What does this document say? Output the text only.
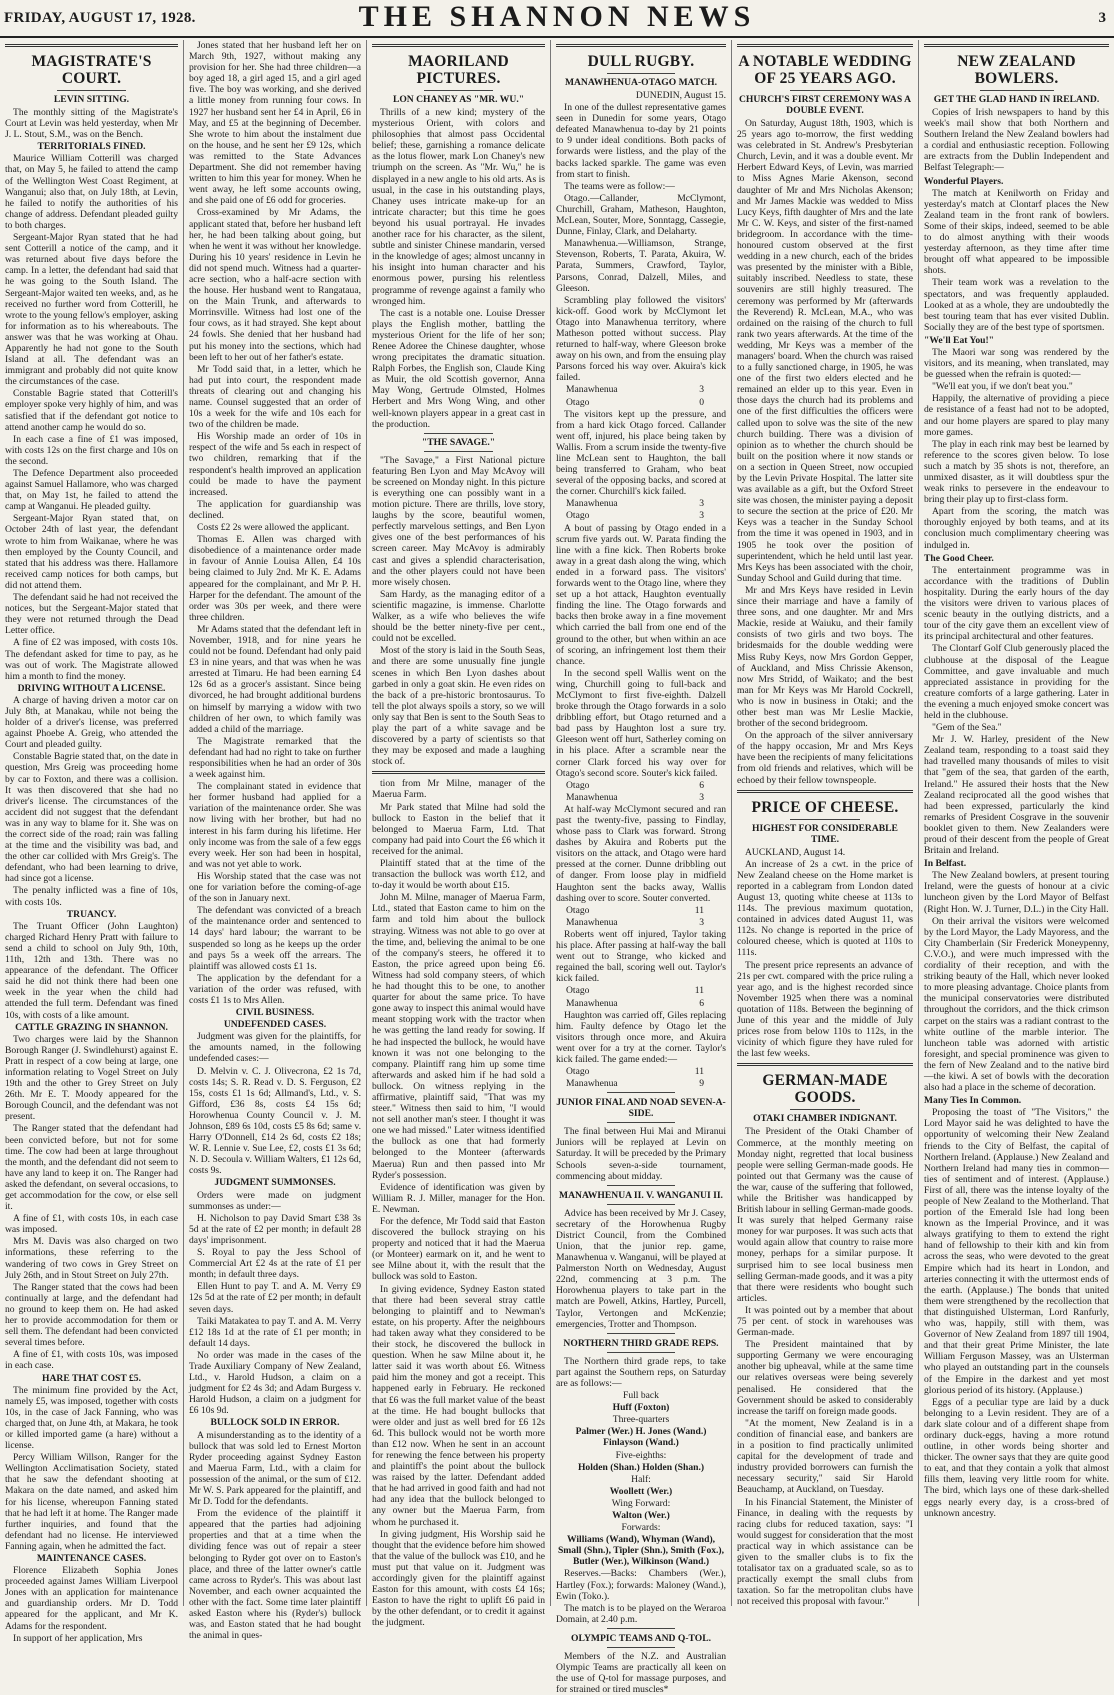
FRIDAY, AUGUST 17, 1928.	THE SHANNON NEWS	3
MAGISTRATE'S COURT.
LEVIN SITTING.

The monthly sitting of the Magistrate's Court at Levin was held yesterday, when Mr J. L. Stout, S.M., was on the Bench.

TERRITORIALS FINED.

Maurice William Cotterill was charged that, on May 5, he failed to attend the camp of the Wellington West Coast Regiment, at Wanganui; also that, on July 18th, at Levin, he failed to notify the authorities of his change of address. Defendant pleaded guilty to both charges.

Sergeant-Major Ryan stated that he had sent Cotterill a notice of the camp, and it was returned about five days before the camp. In a letter, the defendant had said that he was going to the South Island. The Sergeant-Major waited ten weeks, and, as he received no further word from Cotterill, he wrote to the young fellow's employer, asking for information as to his whereabouts. The answer was that he was working at Ohau. Apparently he had not gone to the South Island at all. The defendant was an immigrant and probably did not quite know the circumstances of the case.

Constable Bagrie stated that Cotterill's employer spoke very highly of him, and was satisfied that if the defendant got notice to attend another camp he would do so.

In each case a fine of £1 was imposed, with costs 12s on the first charge and 10s on the second.

The Defence Department also proceeded against Samuel Hallamore, who was charged that, on May 1st, he failed to attend the camp at Wanganui. He pleaded guilty.

Sergeant-Major Ryan stated that, on October 24th of last year, the defendant wrote to him from Waikanae, where he was then employed by the County Council, and stated that his address was there. Hallamore received camp notices for both camps, but did not attend them.

The defendant said he had not received the notices, but the Sergeant-Major stated that they were not returned through the Dead Letter office.

A fine of £2 was imposed, with costs 10s. The defendant asked for time to pay, as he was out of work. The Magistrate allowed him a month to find the money.

DRIVING WITHOUT A LICENSE.

A charge of having driven a motor car on July 8th, at Manakau, while not being the holder of a driver's license, was preferred against Phoebe A. Greig, who attended the Court and pleaded guilty.

Constable Bagrie stated that, on the date in question, Mrs Greig was proceeding home by car to Foxton, and there was a collision. It was then discovered that she had no driver's license. The circumstances of the accident did not suggest that the defendant was in any way to blame for it. She was on the correct side of the road; rain was falling at the time and the visibility was bad, and the other car collided with Mrs Greig's. The defendant, who had been learning to drive, had since got a license.

The penalty inflicted was a fine of 10s, with costs 10s.

TRUANCY.

The Truant Officer (John Laughton) charged Richard Henry Pratt with failure to send a child to school on July 9th, 10th, 11th, 12th and 13th. There was no appearance of the defendant. The Officer said he did not think there had been one week in the year when the child had attended the full term. Defendant was fined 10s, with costs of a like amount.

CATTLE GRAZING IN SHANNON.

Two charges were laid by the Shannon Borough Ranger (J. Swindlehurst) against E. Pratt in respect of a cow being at large, one information relating to Vogel Street on July 19th and the other to Grey Street on July 26th. Mr E. T. Moody appeared for the Borough Council, and the defendant was not present.

The Ranger stated that the defendant had been convicted before, but not for some time. The cow had been at large throughout the month, and the defendant did not seem to have any land to keep it on. The Ranger had asked the defendant, on several occasions, to get accommodation for the cow, or else sell it.

A fine of £1, with costs 10s, in each case was imposed.

Mrs M. Davis was also charged on two informations, these referring to the wandering of two cows in Grey Street on July 26th, and in Stout Street on July 27th.

The Ranger stated that the cows had been continually at large, and the defendant had no ground to keep them on. He had asked her to provide accommodation for them or sell them. The defendant had been convicted several times before.

A fine of £1, with costs 10s, was imposed in each case.

HARE THAT COST £5.

The minimum fine provided by the Act, namely £5, was imposed, together with costs 10s, in the case of Jack Fanning, who was charged that, on June 4th, at Makara, he took or killed imported game (a hare) without a license.

Percy William Willson, Ranger for the Wellington Acclimatisation Society, stated that he saw the defendant shooting at Makara on the date named, and asked him for his license, whereupon Fanning stated that he had left it at home. The Ranger made further inquiries, and found that the defendant had no license. He interviewed Fanning again, when he admitted the fact.

MAINTENANCE CASES.

Florence Elizabeth Sophia Jones proceeded against James William Liverpool Jones with an application for maintenance and guardianship orders. Mr D. Todd appeared for the applicant, and Mr K. Adams for the respondent.

In support of her application, Mrs

Jones stated that her husband left her on March 9th, 1927, without making any provision for her. She had three children—a boy aged 18, a girl aged 15, and a girl aged five. The boy was working, and she derived a little money from running four cows. In 1927 her husband sent her £4 in April, £6 in May, and £5 at the beginning of December. She wrote to him about the instalment due on the house, and he sent her £9 12s, which was remitted to the State Advances Department. She did not remember having written to him this year for money. When he went away, he left some accounts owing, and she paid one of £6 odd for groceries.

Cross-examined by Mr Adams, the applicant stated that, before her husband left her, he had been talking about going, but when he went it was without her knowledge. During his 10 years' residence in Levin he did not spend much. Witness had a quarter-acre section, who a half-acre section with the house. Her husband went to Rangataua, on the Main Trunk, and afterwards to Morrinsville. Witness had lost one of the four cows, as it had strayed. She kept about 24 fowls. She denied that her husband had put his money into the sections, which had been left to her out of her father's estate.

Mr Todd said that, in a letter, which he had put into court, the respondent made threats of clearing out and changing his name. Counsel suggested that an order of 10s a week for the wife and 10s each for two of the children be made.

His Worship made an order of 10s in respect of the wife and 5s each in respect of two children, remarking that if the respondent's health improved an application could be made to have the payment increased.

The application for guardianship was declined.

Costs £2 2s were allowed the applicant.

Thomas E. Allen was charged with disobedience of a maintenance order made in favour of Annie Louisa Allen, £4 10s being claimed to July 2nd. Mr K. E. Adams appeared for the complainant, and Mr P. H. Harper for the defendant. The amount of the order was 30s per week, and there were three children.

Mr Adams stated that the defendant left in November, 1918, and for nine years he could not be found. Defendant had only paid £3 in nine years, and that was when he was arrested at Timaru. He had been earning £4 12s 6d as a grocer's assistant. Since being divorced, he had brought additional burdens on himself by marrying a widow with two children of her own, to which family was added a child of the marriage.

The Magistrate remarked that the defendant had had no right to take on further responsibilities when he had an order of 30s a week against him.

The complainant stated in evidence that her former husband had applied for a variation of the maintenance order. She was now living with her brother, but had no interest in his farm during his lifetime. Her only income was from the sale of a few eggs every week. Her son had been in hospital, and was not yet able to work.

His Worship stated that the case was not one for variation before the coming-of-age of the son in January next.

The defendant was convicted of a breach of the maintenance order and sentenced to 14 days' hard labour; the warrant to be suspended so long as he keeps up the order and pays 5s a week off the arrears. The plaintiff was allowed costs £1 1s.

The application by the defendant for a variation of the order was refused, with costs £1 1s to Mrs Allen.

CIVIL BUSINESS.

UNDEFENDED CASES.

Judgment was given for the plaintiffs, for the amounts named, in the following undefended cases:—

D. Melvin v. C. J. Olivecrona, £2 1s 7d, costs 14s; S. R. Read v. D. S. Ferguson, £2 15s, costs £1 1s 6d; Allmand's, Ltd., v. S. Gifford, £36 8s, costs £4 15s 6d; Horowhenua County Council v. J. M. Johnson, £89 6s 10d, costs £5 8s 6d; same v. Harry O'Donnell, £14 2s 6d, costs £2 18s; W. R. Lennie v. Sue Lee, £2, costs £1 3s 6d; N. D. Secoula v. William Walters, £1 12s 6d, costs 9s.

JUDGMENT SUMMONSES.

Orders were made on judgment summonses as under:—

H. Nicholson to pay David Smart £38 3s 5d at the rate of £2 per month; in default 28 days' imprisonment.

S. Royal to pay the Jess School of Commercial Art £2 4s at the rate of £1 per month; in default three days.

Ellen Hunt to pay T. and A. M. Verry £9 12s 5d at the rate of £2 per month; in default seven days.

Taiki Matakatea to pay T. and A. M. Verry £12 18s 1d at the rate of £1 per month; in default 14 days.

No order was made in the cases of the Trade Auxiliary Company of New Zealand, Ltd., v. Harold Hudson, a claim on a judgment for £2 4s 3d; and Adam Burgess v. Harold Hudson, a claim on a judgment for £6 10s 9d.

BULLOCK SOLD IN ERROR.

A misunderstanding as to the identity of a bullock that was sold led to Ernest Morton Ryder proceeding against Sydney Easton and Maerua Farm, Ltd., with a claim for possession of the animal, or the sum of £12. Mr W. S. Park appeared for the plaintiff, and Mr D. Todd for the defendants.

From the evidence of the plaintiff it appeared that the parties had adjoining properties and that at a time when the dividing fence was out of repair a steer belonging to Ryder got over on to Easton's place, and three of the latter owner's cattle came across to Ryder's. This was about last November, and each owner acquainted the other with the fact. Some time later plaintiff asked Easton where his (Ryder's) bullock was, and Easton stated that he had bought the animal in ques-

MAORILAND PICTURES.
LON CHANEY AS "MR. WU."

Thrills of a new kind; mystery of the mysterious Orient, with colors and philosophies that almost pass Occidental belief; these, garnishing a romance delicate as the lotus flower, mark Lon Chaney's new triumph on the screen. As "Mr. Wu," he is displayed in a new angle to his old arts. As is usual, in the case in his outstanding plays, Chaney uses intricate make-up for an intricate character; but this time he goes beyond his usual portrayal. He invades another race for his character, as the silent, subtle and sinister Chinese mandarin, versed in the knowledge of ages; almost uncanny in his insight into human character and his enormous power, pursing his relentless programme of revenge against a family who wronged him.

The cast is a notable one. Louise Dresser plays the English mother, battling the mysterious Orient for the life of her son; Renee Adoree the Chinese daughter, whose wrong precipitates the dramatic situation. Ralph Forbes, the English son, Claude King as Muir, the old Scottish governor, Anna May Wong, Gertrude Olmsted, Holmes Herbert and Mrs Wong Wing, and other well-known players appear in a great cast in the production.

"THE SAVAGE."

"The Savage," a First National picture featuring Ben Lyon and May McAvoy will be screened on Monday night. In this picture is everything one can possibly want in a motion picture. There are thrills, love story, laughs by the score, beautiful women, perfectly marvelous settings, and Ben Lyon gives one of the best performances of his screen career. May McAvoy is admirably cast and gives a splendid characterisation, and the other players could not have been more wisely chosen.

Sam Hardy, as the managing editor of a scientific magazine, is immense. Charlotte Walker, as a wife who believes the wife should be the better ninety-five per cent., could not be excelled.

Most of the story is laid in the South Seas, and there are some unusually fine jungle scenes in which Ben Lyon dashes about garbed in only a goat skin. He even rides on the back of a pre-historic brontosaurus. To tell the plot always spoils a story, so we will only say that Ben is sent to the South Seas to play the part of a white savage and be discovered by a party of scientists so that they may be exposed and made a laughing stock of.

tion from Mr Milne, manager of the Maerua Farm.

Mr Park stated that Milne had sold the bullock to Easton in the belief that it belonged to Maerua Farm, Ltd. That company had paid into Court the £6 which it received for the animal.

Plaintiff stated that at the time of the transaction the bullock was worth £12, and to-day it would be worth about £15.

John M. Milne, manager of Maerua Farm, Ltd., stated that Easton came to him on the farm and told him about the bullock straying. Witness was not able to go over at the time, and, believing the animal to be one of the company's steers, he offered it to Easton, the price agreed upon being £6. Witness had sold company steers, of which he had thought this to be one, to another quarter for about the same price. To have gone away to inspect this animal would have meant stopping work with the tractor when he was getting the land ready for sowing. If he had inspected the bullock, he would have known it was not one belonging to the company. Plaintiff rang him up some time afterwards and asked him if he had sold a bullock. On witness replying in the affirmative, plaintiff said, "That was my steer." Witness then said to him, "I would not sell another man's steer. I thought it was one we had missed." Later witness identified the bullock as one that had formerly belonged to the Monteer (afterwards Maerua) Run and then passed into Mr Ryder's possession.

Evidence of identification was given by William R. J. Miller, manager for the Hon. E. Newman.

For the defence, Mr Todd said that Easton discovered the bullock straying on his property and noticed that it had the Maerua (or Monteer) earmark on it, and he went to see Milne about it, with the result that the bullock was sold to Easton.

In giving evidence, Sydney Easton stated that there had been several stray cattle belonging to plaintiff and to Newman's estate, on his property. After the neighbours had taken away what they considered to be their stock, he discovered the bullock in question. When he saw Milne about it, he latter said it was worth about £6. Witness paid him the money and got a receipt. This happened early in February. He reckoned that £6 was the full market value of the beast at the time. He had bought bullocks that were older and just as well bred for £6 12s 6d. This bullock would not be worth more than £12 now. When he sent in an account for renewing the fence between his property and plaintiff's the point about the bullock was raised by the latter. Defendant added that he had arrived in good faith and had not had any idea that the bullock belonged to any owner but the Maerua Farm, from whom he purchased it.

In giving judgment, His Worship said he thought that the evidence before him showed that the value of the bullock was £10, and he must put that value on it. Judgment was accordingly given for the plaintiff against Easton for this amount, with costs £4 16s; Easton to have the right to uplift £6 paid in by the other defendant, or to credit it against the judgment.

DULL RUGBY.
MANAWHENUA-OTAGO MATCH.

DUNEDIN, August 15.

In one of the dullest representative games seen in Dunedin for some years, Otago defeated Manawhenua to-day by 21 points to 9 under ideal conditions. Both packs of forwards were listless, and the play of the backs lacked sparkle. The game was even from start to finish.

The teams were as follow:—

Otago.—Callander, McClymont, Churchill, Graham, Matheson, Haughton, McLean, Souter, More, Sonntagg, Cassegie, Dunne, Finlay, Clark, and Delaharty.

Manawhenua.—Williamson, Strange, Stevenson, Roberts, T. Parata, Akuira, W. Parata, Summers, Crawford, Taylor, Parsons, Conrad, Dalzell, Miles, and Gleeson.

Scrambling play followed the visitors' kick-off. Good work by McClymont let Otago into Manawhenua territory, where Matheson potted without success. Play returned to half-way, where Gleeson broke away on his own, and from the ensuing play Parsons forced his way over. Akuira's kick failed.

Manawhenua	3
Otago	0

The visitors kept up the pressure, and from a hard kick Otago forced. Callander went off, injured, his place being taken by Wallis. From a scrum inside the twenty-five line McLean sent to Haughton, the ball being transferred to Graham, who beat several of the opposing backs, and scored at the corner. Churchill's kick failed.

Manawhenua	3
Otago	3

A bout of passing by Otago ended in a scrum five yards out. W. Parata finding the line with a fine kick. Then Roberts broke away in a great dash along the wing, which ended in a forward pass. The visitors' forwards went to the Otago line, where they set up a hot attack, Haughton eventually finding the line. The Otago forwards and backs then broke away in a fine movement which carried the ball from one end of the ground to the other, but when within an ace of scoring, an infringement lost them their chance.

In the second spell Wallis went on the wing, Churchill going to full-back and McClymont to first five-eighth. Dalzell broke through the Otago forwards in a solo dribbling effort, but Otago returned and a bad pass by Haughton lost a sure try. Gleeson went off hurt, Satherley coming on in his place. After a scramble near the corner Clark forced his way over for Otago's second score. Souter's kick failed.

Otago	6
Manawhenua	3

At half-way McClymont secured and ran past the twenty-five, passing to Findlay, whose pass to Clark was forward. Strong dashes by Akuira and Roberts put the visitors on the attack, and Otago were hard pressed at the corner. Dunne dribbling out of danger. From loose play in midfield Haughton sent the backs away, Wallis dashing over to score. Souter converted.

Otago	11
Manawhenua	3

Roberts went off injured, Taylor taking his place. After passing at half-way the ball went out to Strange, who kicked and regained the ball, scoring well out. Taylor's kick failed.

Otago	11
Manawhenua	6

Haughton was carried off, Giles replacing him. Faulty defence by Otago let the visitors through once more, and Akuira went over for a try at the corner. Taylor's kick failed. The game ended:—

Otago	11
Manawhenua	9
JUNIOR FINAL AND NOAD SEVEN-A-SIDE.

The final between Hui Mai and Miranui Juniors will be replayed at Levin on Saturday. It will be preceded by the Primary Schools seven-a-side tournament, commencing about midday.

MANAWHENUA II. V. WANGANUI II.

Advice has been received by Mr J. Casey, secretary of the Horowhenua Rugby District Council, from the Combined Union, that the junior rep. game, Manawhenua v. Wanganui, will be played at Palmerston North on Wednesday, August 22nd, commencing at 3 p.m. The Horowhenua players to take part in the match are Powell, Atkins, Hartley, Purcell, Taylor, Vertongen and McKenzie; emergencies, Trotter and Thompson.

NORTHERN THIRD GRADE REPS.

The Northern third grade reps, to take part against the Southern reps, on Saturday are as follows:—

Full back

Huff (Foxton)

Three-quarters

Palmer (Wer.) H. Jones (Wand.) Finlayson (Wand.)

Five-eighths:

Holden (Shan.) Holden (Shan.)

Half:

Woollett (Wer.)

Wing Forward:

Walton (Wer.)

Forwards:

Williams (Wand), Whyman (Wand), Small (Shn.), Tipler (Shn.), Smith (Fox.), Butler (Wer.), Wilkinson (Wand.)

Reserves.—Backs: Chambers (Wer.), Hartley (Fox.); forwards: Maloney (Wand.), Ewin (Toko.).

The match is to be played on the Weraroa Domain, at 2.40 p.m.

OLYMPIC TEAMS AND Q-TOL.

Members of the N.Z. and Australian Olympic Teams are practically all keen on the use of Q-tol for massage purposes, and for strained or tired muscles*

A NOTABLE WEDDING OF 25 YEARS AGO.
CHURCH'S FIRST CEREMONY WAS A DOUBLE EVENT.

On Saturday, August 18th, 1903, which is 25 years ago to-morrow, the first wedding was celebrated in St. Andrew's Presbyterian Church, Levin, and it was a double event. Mr Herbert Edward Keys, of Levin, was married to Miss Agnes Marie Akenson, second daughter of Mr and Mrs Nicholas Akenson; and Mr James Mackie was wedded to Miss Lucy Keys, fifth daughter of Mrs and the late Mr C. W. Keys, and sister of the first-named bridegroom. In accordance with the time-honoured custom observed at the first wedding in a new church, each of the brides was presented by the minister with a Bible, suitably inscribed. Needless to state, these souvenirs are still highly treasured. The ceremony was performed by Mr (afterwards the Reverend) R. McLean, M.A., who was ordained on the raising of the church to full rank two years afterwards. At the time of the wedding, Mr Keys was a member of the managers' board. When the church was raised to a fully sanctioned charge, in 1905, he was one of the first two elders elected and he remained an elder up to this year. Even in those days the church had its problems and one of the first difficulties the officers were called upon to solve was the site of the new church building. There was a division of opinion as to whether the church should be built on the position where it now stands or on a section in Queen Street, now occupied by the Levin Private Hospital. The latter site was available as a gift, but the Oxford Street site was chosen, the minister paying a deposit to secure the section at the price of £20. Mr Keys was a teacher in the Sunday School from the time it was opened in 1903, and in 1905 he took over the position of superintendent, which he held until last year. Mrs Keys has been associated with the choir, Sunday School and Guild during that time.

Mr and Mrs Keys have resided in Levin since their marriage and have a family of three sons, and one daughter. Mr and Mrs Mackie, reside at Waiuku, and their family consists of two girls and two boys. The bridesmaids for the double wedding were Miss Ruby Keys, now Mrs Gordon Gepper, of Auckland, and Miss Chrissie Akenson, now Mrs Stridd, of Waikato; and the best man for Mr Keys was Mr Harold Cockrell, who is now in business in Otaki; and the other best man was Mr Leslie Mackie, brother of the second bridegroom.

On the approach of the silver anniversary of the happy occasion, Mr and Mrs Keys have been the recipients of many felicitations from old friends and relatives, which will be echoed by their fellow townspeople.

PRICE OF CHEESE.
HIGHEST FOR CONSIDERABLE TIME.

AUCKLAND, August 14.

An increase of 2s a cwt. in the price of New Zealand cheese on the Home market is reported in a cablegram from London dated August 13, quoting white cheese at 113s to 114s. The previous maximum quotation, contained in advices dated August 11, was 112s. No change is reported in the price of coloured cheese, which is quoted at 110s to 111s.

The present price represents an advance of 21s per cwt. compared with the price ruling a year ago, and is the highest recorded since November 1925 when there was a nominal quotation of 118s. Between the beginning of June of this year and the middle of July prices rose from below 110s to 112s, in the vicinity of which figure they have ruled for the last few weeks.

GERMAN-MADE GOODS.
OTAKI CHAMBER INDIGNANT.

The President of the Otaki Chamber of Commerce, at the monthly meeting on Monday night, regretted that local business people were selling German-made goods. He pointed out that Germany was the cause of the war, cause of the suffering that followed, while the Britisher was handicapped by British labour in selling German-made goods. It was surely that helped Germany raise money for war purposes. It was such acts that would again allow that country to raise more money, perhaps for a similar purpose. It surprised him to see local business men selling German-made goods, and it was a pity that there were residents who bought such articles.

It was pointed out by a member that about 75 per cent. of stock in warehouses was German-made.

The President maintained that by supporting Germany we were encouraging another big upheaval, while at the same time our relatives overseas were being severely penalised. He considered that the Government should be asked to considerably increase the tariff on foreign made goods.

"At the moment, New Zealand is in a condition of financial ease, and bankers are in a position to find practically unlimited capital for the development of trade and industry provided borrowers can furnish the necessary security," said Sir Harold Beauchamp, at Auckland, on Tuesday.

In his Financial Statement, the Minister of Finance, in dealing with the requests by racing clubs for reduced taxation, says: "I would suggest for consideration that the most practical way in which assistance can be given to the smaller clubs is to fix the totalisator tax on a graduated scale, so as to practically exempt the small clubs from taxation. So far the metropolitan clubs have not received this proposal with favour."

NEW ZEALAND BOWLERS.
GET THE GLAD HAND IN IRELAND.

Copies of Irish newspapers to hand by this week's mail show that both Northern and Southern Ireland the New Zealand bowlers had a cordial and enthusiastic reception. Following are extracts from the Dublin Independent and Belfast Telegraph:—

Wonderful Players.

The match at Kenilworth on Friday and yesterday's match at Clontarf places the New Zealand team in the front rank of bowlers. Some of their skips, indeed, seemed to be able to do almost anything with their woods yesterday afternoon, as they time after time brought off what appeared to be impossible shots.

Their team work was a revelation to the spectators, and was frequently applauded. Looked at as a whole, they are undoubtedly the best touring team that has ever visited Dublin. Socially they are of the best type of sportsmen.

"We'll Eat You!"

The Maori war song was rendered by the visitors, and its meaning, when translated, may be guessed when the refrain is quoted:—

"We'll eat you, if we don't beat you."

Happily, the alternative of providing a piece de resistance of a feast had not to be adopted, and our home players are spared to play many more games.

The play in each rink may best be learned by reference to the scores given below. To lose such a match by 35 shots is not, therefore, an unmixed disaster, as it will doubtless spur the weak rinks to persevere in the endeavour to bring their play up to first-class form.

Apart from the scoring, the match was thoroughly enjoyed by both teams, and at its conclusion much complimentary cheering was indulged in.

The Good Cheer.

The entertainment programme was in accordance with the traditions of Dublin hospitality. During the early hours of the day the visitors were driven to various places of scenic beauty in the outlying districts, and a tour of the city gave them an excellent view of its principal architectural and other features.

The Clontarf Golf Club generously placed the clubhouse at the disposal of the League Committee, and gave invaluable and much appreciated assistance in providing for the creature comforts of a large gathering. Later in the evening a much enjoyed smoke concert was held in the clubhouse.

"Gem of the Sea."

Mr J. W. Harley, president of the New Zealand team, responding to a toast said they had travelled many thousands of miles to visit that "gem of the sea, that garden of the earth, Ireland." He assured their hosts that the New Zealand reciprocated all the good wishes that had been expressed, particularly the kind remarks of President Cosgrave in the souvenir booklet given to them. New Zealanders were proud of their descent from the people of Great Britain and Ireland.

In Belfast.

The New Zealand bowlers, at present touring Ireland, were the guests of honour at a civic luncheon given by the Lord Mayor of Belfast (Right Hon. W. J. Turner, D.L.) in the City Hall.

On their arrival the visitors were welcomed by the Lord Mayor, the Lady Mayoress, and the City Chamberlain (Sir Frederick Moneypenny, C.V.O.), and were much impressed with the cordiality of their reception, and with the striking beauty of the Hall, which never looked to more pleasing advantage. Choice plants from the municipal conservatories were distributed throughout the corridors, and the thick crimson carpet on the stairs was a radiant contrast to the white outline of the marble interior. The luncheon table was adorned with artistic foresight, and special prominence was given to the fern of New Zealand and to the native bird—the kiwi. A set of bowls with the decoration also had a place in the scheme of decoration.

Many Ties In Common.

Proposing the toast of "The Visitors," the Lord Mayor said he was delighted to have the opportunity of welcoming their New Zealand friends to the City of Belfast, the capital of Northern Ireland. (Applause.) New Zealand and Northern Ireland had many ties in common—ties of sentiment and of interest. (Applause.) First of all, there was the intense loyalty of the people of New Zealand to the Motherland. That portion of the Emerald Isle had long been known as the Imperial Province, and it was always gratifying to them to extend the right hand of fellowship to their kith and kin from across the seas, who were devoted to the great Empire which had its heart in London, and arteries connecting it with the uttermost ends of the earth. (Applause.) The bonds that united them were strengthened by the recollection that that distinguished Ulsterman, Lord Ranfurly, who was, happily, still with them, was Governor of New Zealand from 1897 till 1904, and that their great Prime Minister, the late William Ferguson Massey, was an Ulsterman who played an outstanding part in the counsels of the Empire in the darkest and yet most glorious period of its history. (Applause.)

Eggs of a peculiar type are laid by a duck belonging to a Levin resident. They are of a dark slate colour and of a different shape from ordinary duck-eggs, having a more rotund outline, in other words being shorter and thicker. The owner says that they are quite good to eat, and that they contain a yolk that almost fills them, leaving very little room for white. The bird, which lays one of these dark-shelled eggs nearly every day, is a cross-bred of unknown ancestry.
